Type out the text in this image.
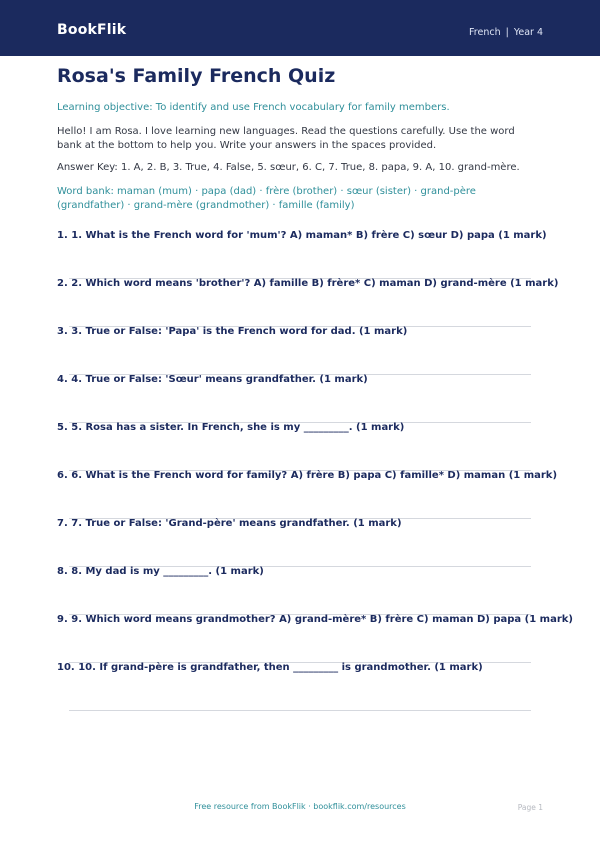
BookFlik	French | Year 4
Rosa's Family French Quiz
Learning objective: To identify and use French vocabulary for family members.
Hello! I am Rosa. I love learning new languages. Read the questions carefully. Use the word bank at the bottom to help you. Write your answers in the spaces provided.
Answer Key: 1. A, 2. B, 3. True, 4. False, 5. sœur, 6. C, 7. True, 8. papa, 9. A, 10. grand-mère.
Word bank: maman (mum) · papa (dad) · frère (brother) · sœur (sister) · grand-père (grandfather) · grand-mère (grandmother) · famille (family)
1. 1. What is the French word for 'mum'? A) maman* B) frère C) sœur D) papa (1 mark)
2. 2. Which word means 'brother'? A) famille B) frère* C) maman D) grand-mère (1 mark)
3. 3. True or False: 'Papa' is the French word for dad. (1 mark)
4. 4. True or False: 'Sœur' means grandfather. (1 mark)
5. 5. Rosa has a sister. In French, she is my _________. (1 mark)
6. 6. What is the French word for family? A) frère B) papa C) famille* D) maman (1 mark)
7. 7. True or False: 'Grand-père' means grandfather. (1 mark)
8. 8. My dad is my _________. (1 mark)
9. 9. Which word means grandmother? A) grand-mère* B) frère C) maman D) papa (1 mark)
10. 10. If grand-père is grandfather, then _________ is grandmother. (1 mark)
Free resource from BookFlik · bookflik.com/resources	Page 1
